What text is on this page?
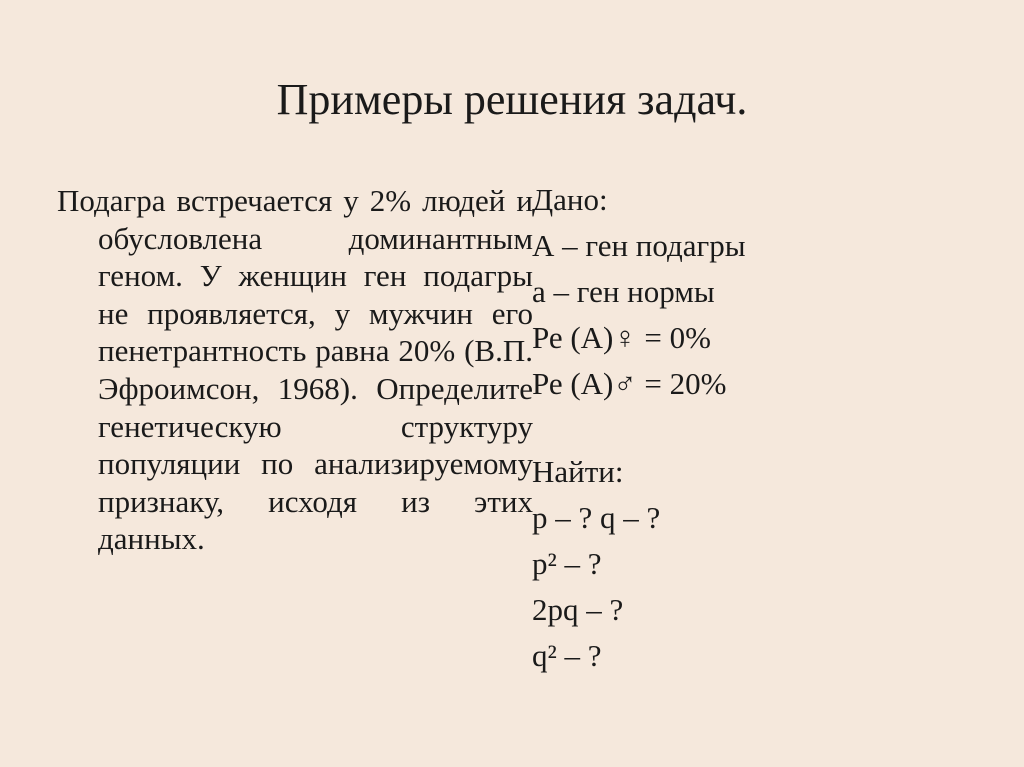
Примеры решения задач.
Подагра встречается у 2% людей и обусловлена доминантным геном. У женщин ген подагры не проявляется, у мужчин его пенетрантность равна 20% (В.П. Эфроимсон, 1968). Определите генетическую структуру популяции по анализируемому признаку, исходя из этих данных.
Дано:
А – ген подагры
а – ген нормы
Ре (А)♀ = 0%
Ре (А)♂ = 20%
Найти:
р – ? q – ?
р² – ?
2pq – ?
q² – ?
